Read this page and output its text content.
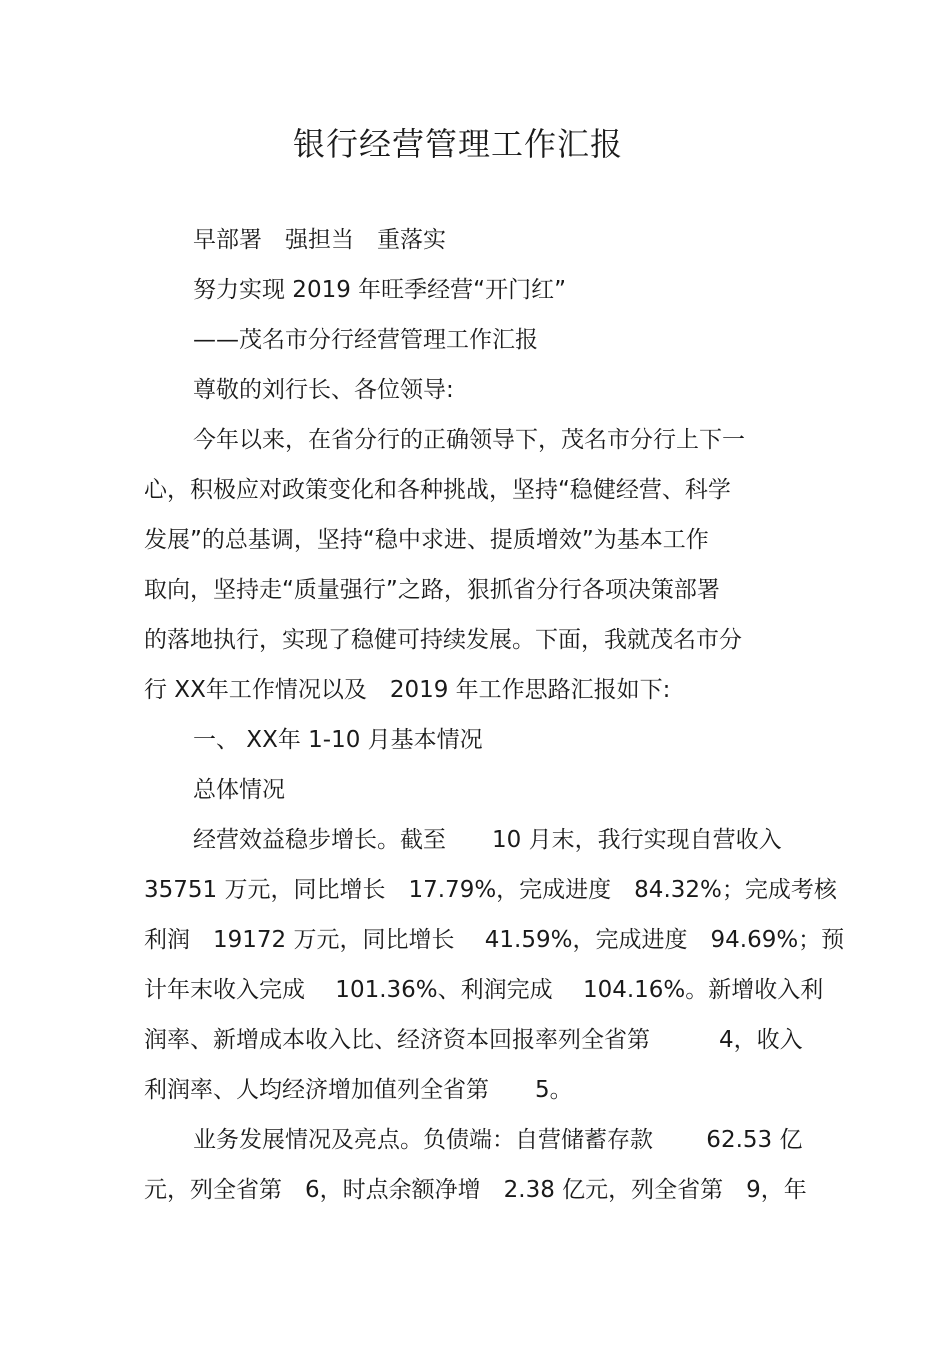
银行经营管理工作汇报
早部署　强担当　重落实
努力实现 2019 年旺季经营“开门红”
——茂名市分行经营管理工作汇报
尊敬的刘行长、各位领导:
今年以来，在省分行的正确领导下，茂名市分行上下一
心，积极应对政策变化和各种挑战，坚持“稳健经营、科学
发展”的总基调，坚持“稳中求进、提质增效”为基本工作
取向，坚持走“质量强行”之路，狠抓省分行各项决策部署
的落地执行，实现了稳健可持续发展。下面，我就茂名市分
行 XX年工作情况以及　2019 年工作思路汇报如下:
一、 XX年 1-10 月基本情况
总体情况
经营效益稳步增长。截至　　10 月末，我行实现自营收入
35751 万元，同比增长　17.79%，完成进度　84.32%；完成考核
利润　19172 万元，同比增长　 41.59%，完成进度　94.69%；预
计年末收入完成　 101.36%、利润完成　 104.16%。新增收入利
润率、新增成本收入比、经济资本回报率列全省第　　　4，收入
利润率、人均经济增加值列全省第　　5。
业务发展情况及亮点。负债端：自营储蓄存款　　 62.53 亿
元，列全省第　6，时点余额净增　2.38 亿元，列全省第　9，年
